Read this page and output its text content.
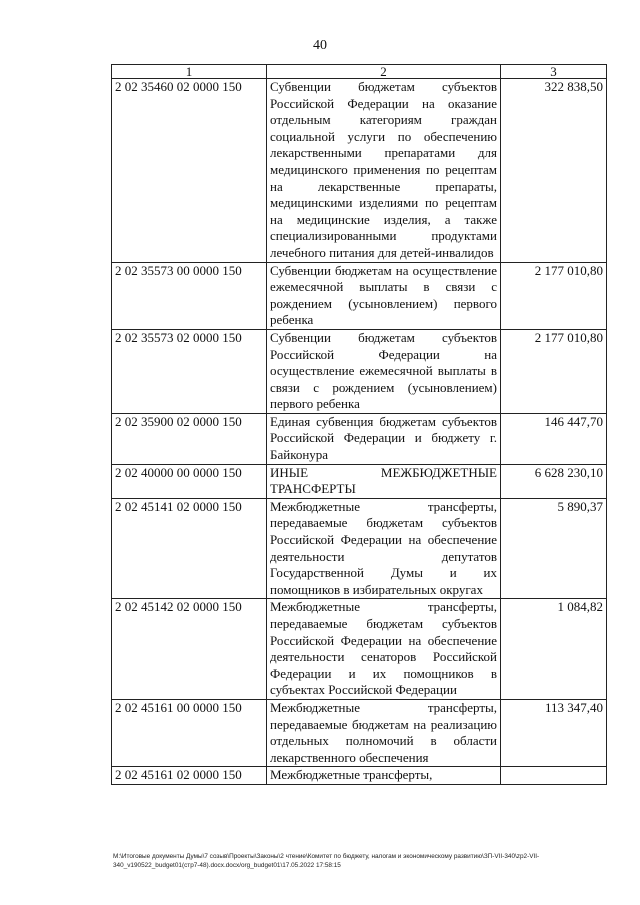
40
1	2	3
2 02 35460 02 0000 150	Субвенции бюджетам субъектов Российской Федерации на оказание отдельным категориям граждан социальной услуги по обеспечению лекарственными препаратами для медицинского применения по рецептам на лекарственные препараты, медицинскими изделиями по рецептам на медицинские изделия, а также специализированными продуктами лечебного питания для детей-инвалидов	322 838,50
2 02 35573 00 0000 150	Субвенции бюджетам на осуществление ежемесячной выплаты в связи с рождением (усыновлением) первого ребенка	2 177 010,80
2 02 35573 02 0000 150	Субвенции бюджетам субъектов Российской Федерации на осуществление ежемесячной выплаты в связи с рождением (усыновлением) первого ребенка	2 177 010,80
2 02 35900 02 0000 150	Единая субвенция бюджетам субъектов Российской Федерации и бюджету г. Байконура	146 447,70
2 02 40000 00 0000 150	ИНЫЕ МЕЖБЮДЖЕТНЫЕ ТРАНСФЕРТЫ	6 628 230,10
2 02 45141 02 0000 150	Межбюджетные трансферты, передаваемые бюджетам субъектов Российской Федерации на обеспечение деятельности депутатов Государственной Думы и их помощников в избирательных округах	5 890,37
2 02 45142 02 0000 150	Межбюджетные трансферты, передаваемые бюджетам субъектов Российской Федерации на обеспечение деятельности сенаторов Российской Федерации и их помощников в субъектах Российской Федерации	1 084,82
2 02 45161 00 0000 150	Межбюджетные трансферты, передаваемые бюджетам на реализацию отдельных полномочий в области лекарственного обеспечения	113 347,40
2 02 45161 02 0000 150	Межбюджетные трансферты,	
M:\Итоговые документы Думы\7 созыв\Проекты\Законы\2 чтение\Комитет по бюджету, налогам и экономическому развитию\ЗП-VII-340\zp2-VII-340_v190522_budget01(стр7-48).docx.docx/org_budget01\17.05.2022 17:58:15
